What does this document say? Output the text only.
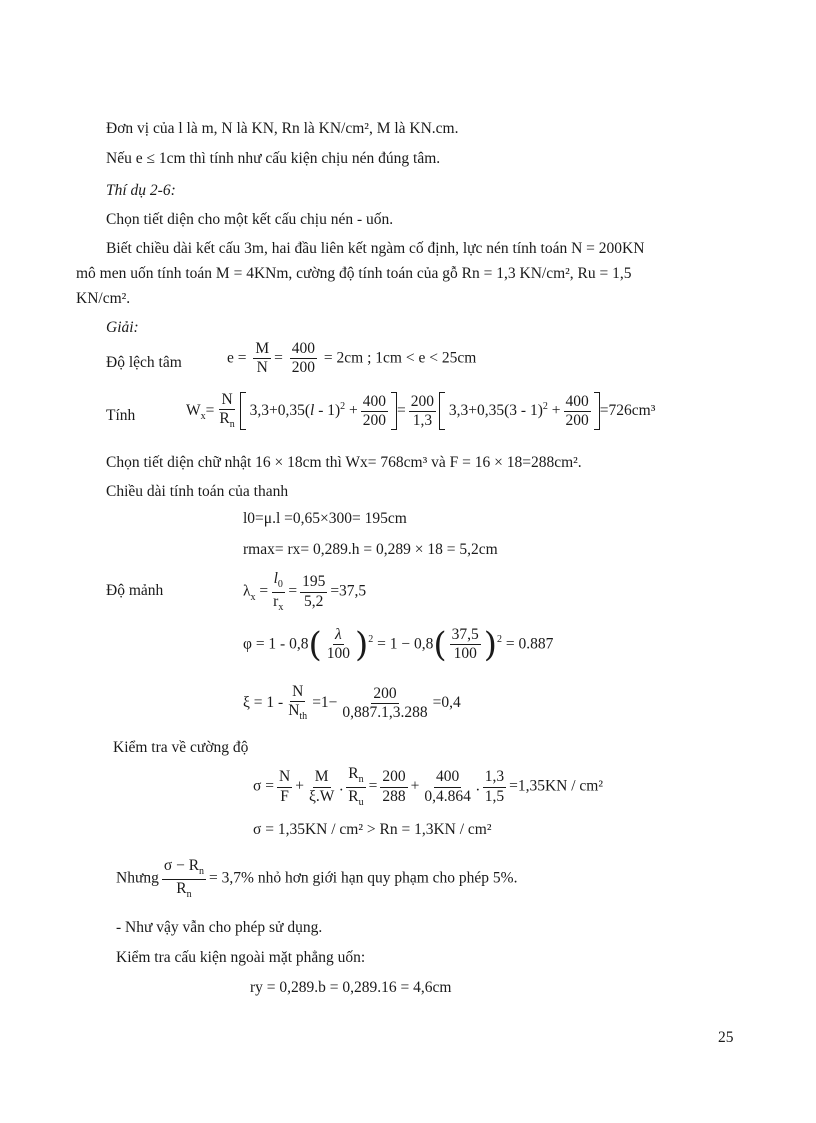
Đơn vị của l là m, N là KN, Rn là KN/cm², M là KN.cm.
Nếu e ≤ 1cm thì tính như cấu kiện chịu nén đúng tâm.
Thí dụ 2-6:
Chọn tiết diện cho một kết cấu chịu nén - uốn.
Biết chiều dài kết cấu 3m, hai đầu liên kết ngàm cố định, lực nén tính toán N = 200KN
mô men uốn tính toán M = 4KNm, cường độ tính toán của gỗ Rn = 1,3 KN/cm², Ru = 1,5
KN/cm².
Giải:
Độ lệch tâm	$e = \frac{M}{N} = \frac{400}{200} = 2cm$ ; 1cm < e < 25cm
Tính	$W_x= \frac{N}{R_n} 3,3+0,35(l - 1)^2 + \frac{400}{200} = \frac{200}{1,3} 3,3+0,35(3 - 1)^2 + \frac{400}{200} =726cm^3$
Chọn tiết diện chữ nhật 16 × 18cm thì Wx= 768cm³ và F = 16 × 18=288cm².
Chiều dài tính toán của thanh
l0=μ.l =0,65×300= 195cm
rmax= rx= 0,289.h = 0,289 × 18 = 5,2cm
Độ mảnh	$\lambda_x = \frac{l_0}{r_x} = \frac{195}{5,2} =37,5$
$\varphi = 1 - 0,8( \frac{\lambda}{100} )^2 = 1 - 0,8( \frac{37,5}{100} )^2 = 0.887$
$\xi = 1 - \frac{N}{N_{th}} =1- \frac{200}{0,887.1,3.288} =0,4$
Kiểm tra về cường độ
$\sigma = \frac{N}{F} + \frac{M}{\xi.W}$ . $\frac{R_n}{R_u} = \frac{200}{288} + \frac{400}{0,4.864}$ . $\frac{1,3}{1,5} =1,35KN / cm^2$
σ = 1,35KN / cm² > Rn = 1,3KN / cm²
Nhưng $\frac{\sigma - R_n}{R_n} = 3,7\%$ nhỏ hơn giới hạn quy phạm cho phép 5%.
- Như vậy vẫn cho phép sử dụng.
Kiểm tra cấu kiện ngoài mặt phẳng uốn:
ry = 0,289.b = 0,289.16 = 4,6cm
25
